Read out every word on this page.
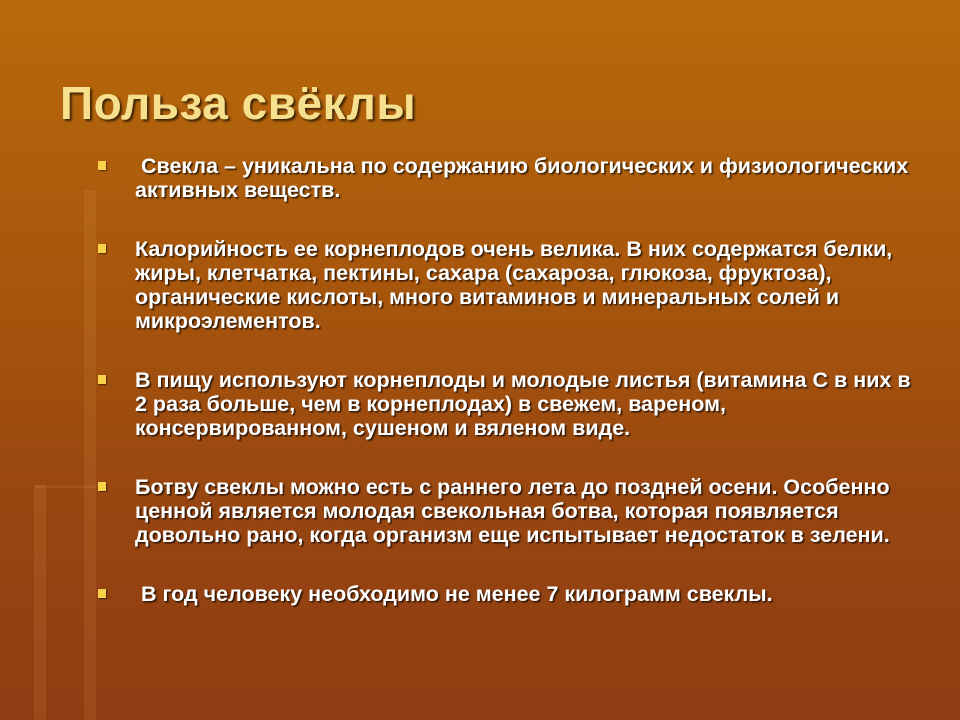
Польза свёклы
Свекла – уникальна по содержанию биологических и физиологических активных веществ.
Калорийность ее корнеплодов очень велика. В них содержатся белки, жиры, клетчатка, пектины, сахара (сахароза, глюкоза, фруктоза), органические кислоты, много витаминов и минеральных солей и микроэлементов.
В пищу используют корнеплоды и молодые листья (витамина С в них в 2 раза больше, чем в корнеплодах) в свежем, вареном, консервированном, сушеном и вяленом виде.
Ботву свеклы можно есть с раннего лета до поздней осени. Особенно ценной является молодая свекольная ботва, которая появляется довольно рано, когда организм еще испытывает недостаток в зелени.
В год человеку необходимо не менее 7 килограмм свеклы.
